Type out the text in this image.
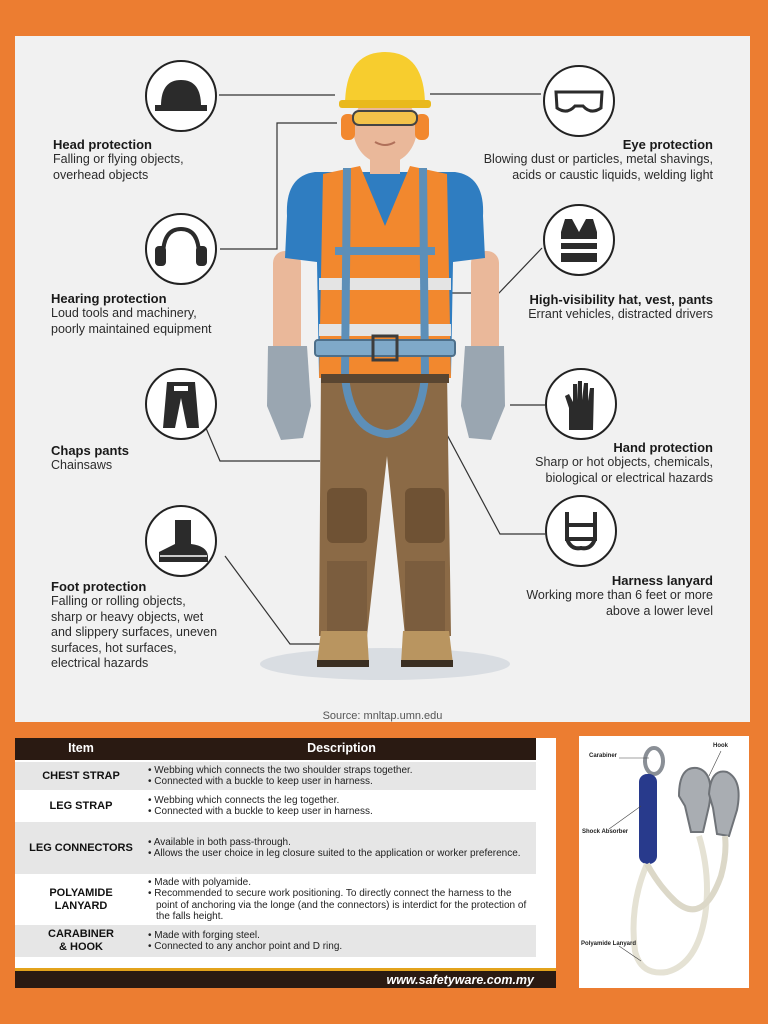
Head protection
Falling or flying objects,
overhead objects
Hearing protection
Loud tools and machinery,
poorly maintained equipment
Chaps pants
Chainsaws
Foot protection
Falling or rolling objects,
sharp or heavy objects, wet
and slippery surfaces, uneven
surfaces, hot surfaces,
electrical hazards
Eye protection
Blowing dust or particles, metal shavings,
acids or caustic liquids, welding light
High-visibility hat, vest, pants
Errant vehicles, distracted drivers
Hand protection
Sharp or hot objects, chemicals,
biological or electrical hazards
Harness lanyard
Working more than 6 feet or more
above a lower level
Source: mnltap.umn.edu
Item	Description
CHEST STRAP	• Webbing which connects the two shoulder straps together.
• Connected with a buckle to keep user in harness.
LEG STRAP	• Webbing which connects the leg together.
• Connected with a buckle to keep user in harness.
LEG CONNECTORS • Available in both pass-through.
• Allows the user choice in leg closure suited to the application or worker preference.
POLYAMIDE
LANYARD
• Made with polyamide.
• Recommended to secure work positioning. To directly connect the harness to the point of anchoring via the longe (and the connectors) is interdict for the protection of the falls height.
CARABINER
& HOOK
• Made with forging steel.
• Connected to any anchor point and D ring.
www.safetyware.com.my
Carabiner
Hook
Shock Absorber
Polyamide Lanyard
